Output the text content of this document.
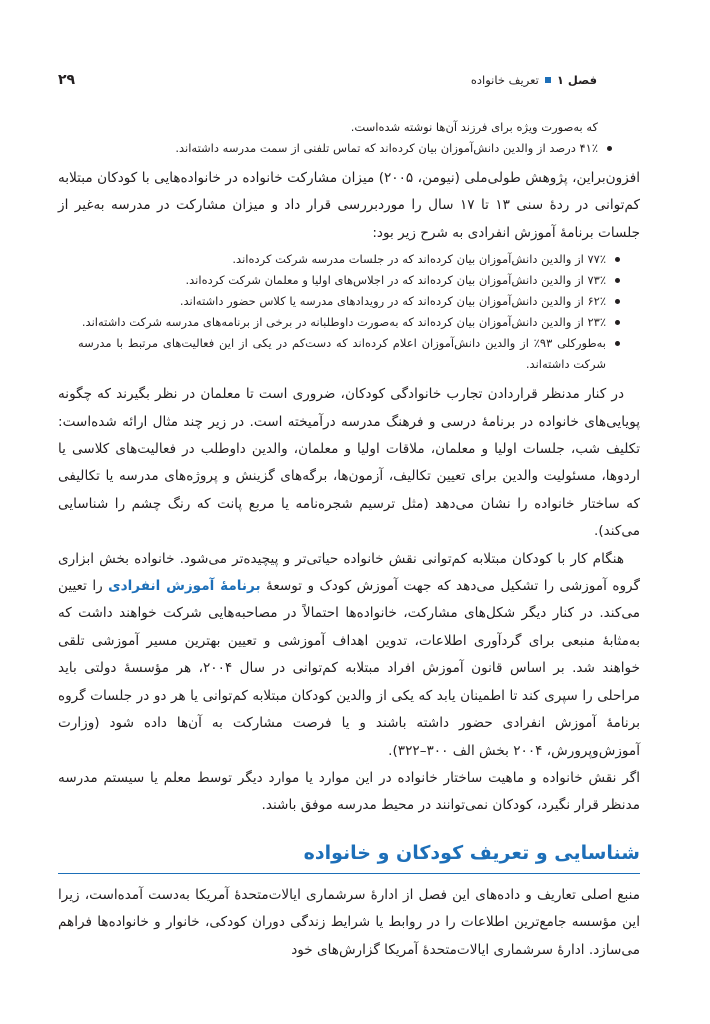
فصل ۱
تعریف خانواده
۲۹
که به‌صورت ویژه برای فرزند آن‌ها نوشته شده‌است.
۴۱٪ درصد از والدین دانش‌آموزان بیان کرده‌اند که تماس تلفنی از سمت مدرسه داشته‌اند.

افزون‌براین، پژوهش طولی‌ملی (نیومن، ۲۰۰۵) میزان مشارکت خانواده در خانواده‌هایی با کودکان مبتلابه کم‌توانی در ردهٔ سنی ۱۳ تا ۱۷ سال را موردبررسی قرار داد و میزان مشارکت در مدرسه به‌غیر از جلسات برنامهٔ آموزش انفرادی به شرح زیر بود:

۷۷٪ از والدین دانش‌آموزان بیان کرده‌اند که در جلسات مدرسه شرکت کرده‌اند.
۷۳٪ از والدین دانش‌آموزان بیان کرده‌اند که در اجلاس‌های اولیا و معلمان شرکت کرده‌اند.
۶۲٪ از والدین دانش‌آموزان بیان کرده‌اند که در رویدادهای مدرسه یا کلاس حضور داشته‌اند.
۲۳٪ از والدین دانش‌آموزان بیان کرده‌اند که به‌صورت داوطلبانه در برخی از برنامه‌های مدرسه شرکت داشته‌اند.
به‌طورکلی ۹۳٪ از والدین دانش‌آموزان اعلام کرده‌اند که دست‌کم در یکی از این فعالیت‌های مرتبط با مدرسه شرکت داشته‌اند.

در کنار مدنظر قراردادن تجارب خانوادگی کودکان، ضروری است تا معلمان در نظر بگیرند که چگونه پویایی‌های خانواده در برنامهٔ درسی و فرهنگ مدرسه درآمیخته است. در زیر چند مثال ارائه شده‌است: تکلیف شب، جلسات اولیا و معلمان، ملاقات اولیا و معلمان، والدین داوطلب در فعالیت‌های کلاسی یا اردوها، مسئولیت والدین برای تعیین تکالیف، آزمون‌ها، برگه‌های گزینش و پروژه‌های مدرسه یا تکالیفی که ساختار خانواده را نشان می‌دهد (مثل ترسیم شجره‌نامه یا مربع پانت که رنگ چشم را شناسایی می‌کند).

هنگام کار با کودکان مبتلابه کم‌توانی نقش خانواده حیاتی‌تر و پیچیده‌تر می‌شود. خانواده بخش ابزاری گروه آموزشی را تشکیل می‌دهد که جهت آموزش کودک و توسعهٔ برنامهٔ آموزش انفرادی را تعیین می‌کند. در کنار دیگر شکل‌های مشارکت، خانواده‌ها احتمالاً در مصاحبه‌هایی شرکت خواهند داشت که به‌مثابهٔ منبعی برای گردآوری اطلاعات، تدوین اهداف آموزشی و تعیین بهترین مسیر آموزشی تلقی خواهند شد. بر اساس قانون آموزش افراد مبتلابه کم‌توانی در سال ۲۰۰۴، هر مؤسسهٔ دولتی باید مراحلی را سپری کند تا اطمینان یابد که یکی از والدین کودکان مبتلابه کم‌توانی یا هر دو در جلسات گروه برنامهٔ آموزش انفرادی حضور داشته باشند و یا فرصت مشارکت به آن‌ها داده شود (وزارت آموزش‌وپرورش، ۲۰۰۴ بخش الف ۳۰۰–۳۲۲).

اگر نقش خانواده و ماهیت ساختار خانواده در این موارد یا موارد دیگر توسط معلم یا سیستم مدرسه مدنظر قرار نگیرد، کودکان نمی‌توانند در محیط مدرسه موفق باشند.

شناسایی و تعریف کودکان و خانواده

منبع اصلی تعاریف و داده‌های این فصل از ادارهٔ سرشماری ایالات‌متحدهٔ آمریکا به‌دست آمده‌است، زیرا این مؤسسه جامع‌ترین اطلاعات را در روابط یا شرایط زندگی دوران کودکی، خانوار و خانواده‌ها فراهم می‌سازد. ادارهٔ سرشماری ایالات‌متحدهٔ آمریکا گزارش‌های خود
